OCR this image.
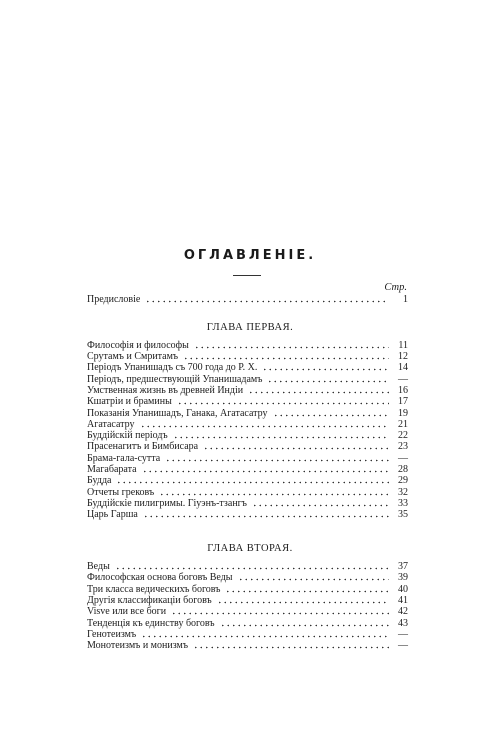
ОГЛАВЛЕНІЕ.
Стр.
Предисловіе	1
ГЛАВА ПЕРВАЯ.
Философія и философы	11
Срутамъ и Смритамъ	12
Періодъ Упанишадъ съ 700 года до Р. Х.	14
Періодъ, предшествующій Упанишадамъ	—
Умственная жизнь въ древней Индіи	16
Кшатріи и брамины	17
Показанія Упанишадъ, Ганака, Агатасатру	19
Агатасатру	21
Буддійскій періодъ	22
Прасенагитъ и Бимбисара	23
Брама-гала-сутта	—
Магабарата	28
Будда	29
Отчеты грековъ	32
Буддійскіе пилигримы. Гіуэнъ-тзангъ	33
Царь Гарша	35
ГЛАВА ВТОРАЯ.
Веды	37
Философская основа боговъ Веды	39
Три класса ведическихъ боговъ	40
Другія классификаціи боговъ	41
Visve или все боги	42
Тенденція къ единству боговъ	43
Генотеизмъ	—
Монотеизмъ и монизмъ	—
